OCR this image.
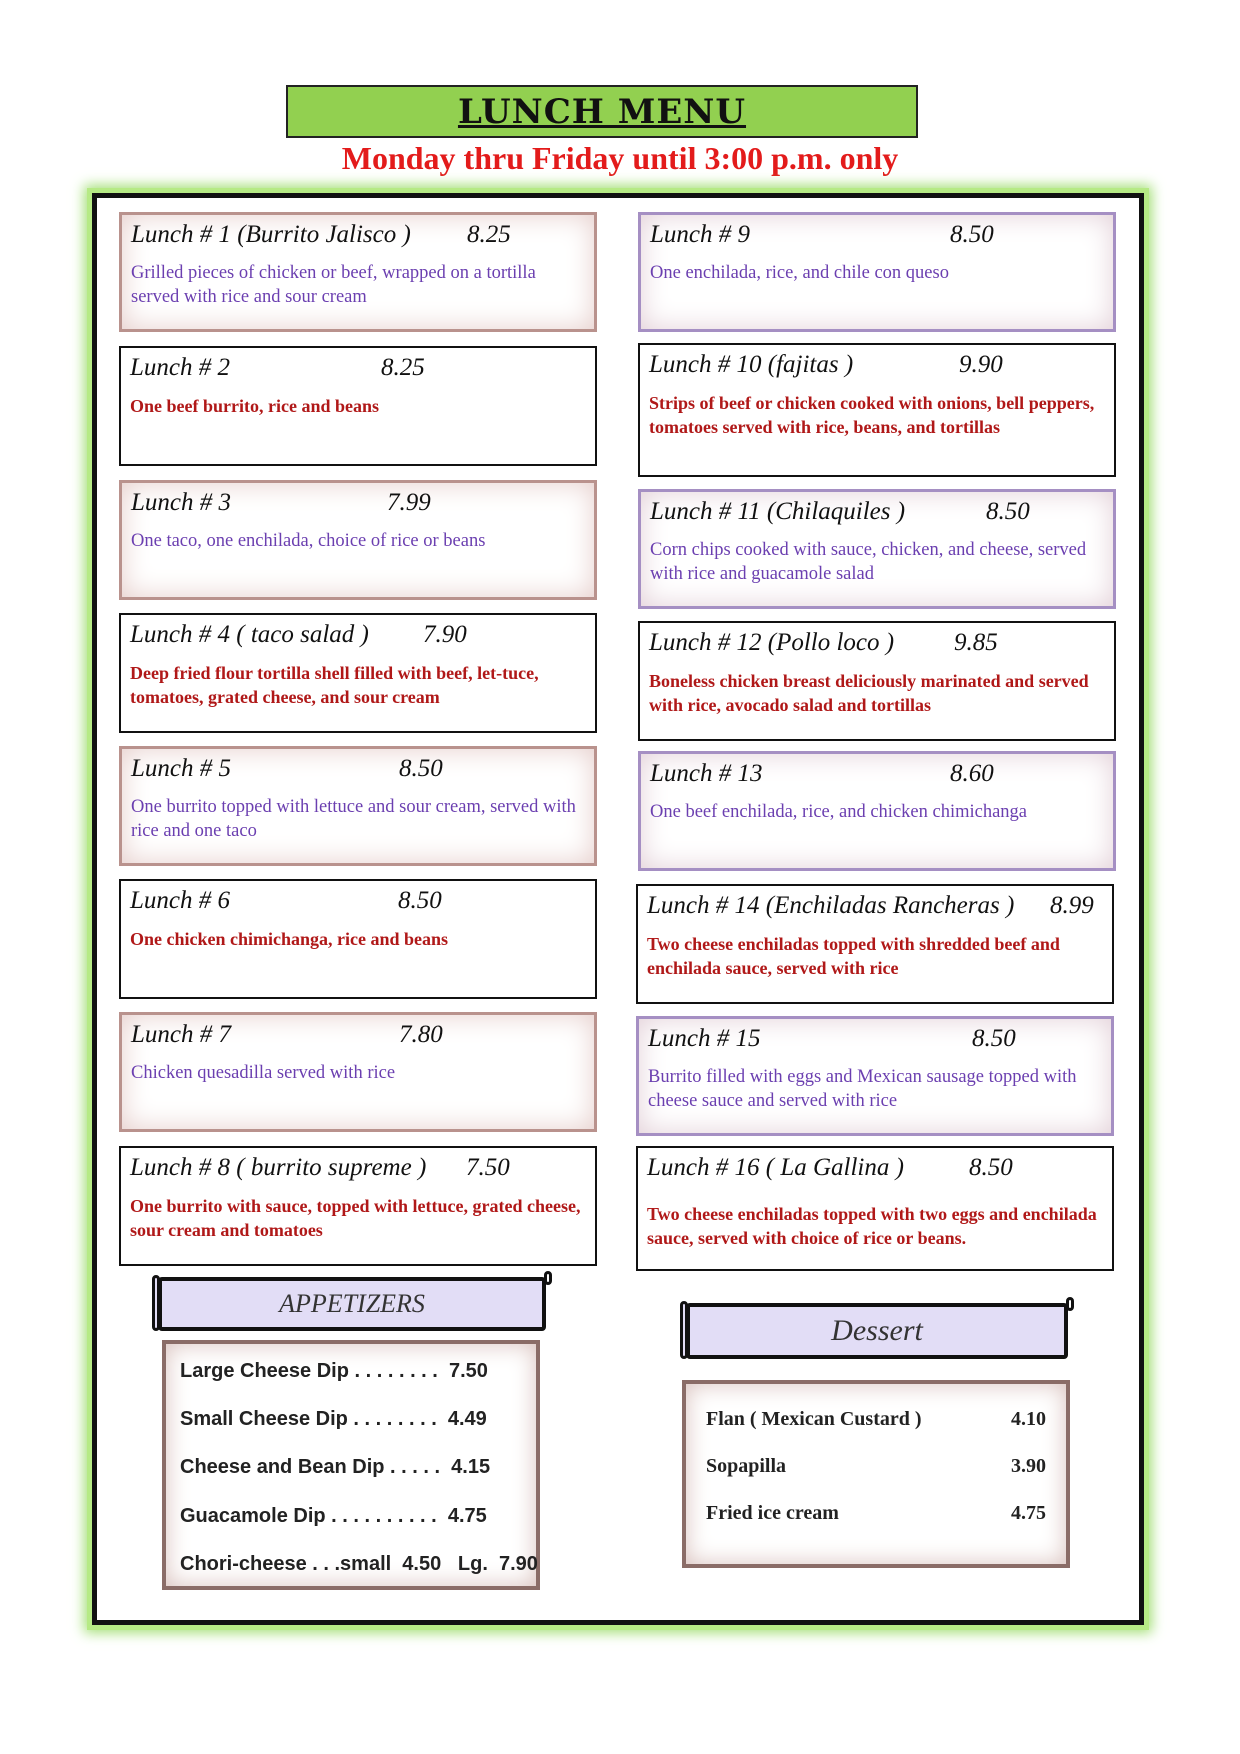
LUNCH MENU
Monday thru Friday until 3:00 p.m. only
Lunch # 1 (Burrito Jalisco ) 8.25
Grilled pieces of chicken or beef, wrapped on a tortilla served with rice and sour cream
Lunch # 2	8.25
One beef burrito, rice and beans
Lunch # 3	7.99
One taco, one enchilada, choice of rice or beans
Lunch # 4 ( taco salad ) 7.90
Deep fried flour tortilla shell filled with beef, let-tuce, tomatoes, grated cheese, and sour cream
Lunch # 5	8.50
One burrito topped with lettuce and sour cream, served with rice and one taco
Lunch # 6	8.50
One chicken chimichanga, rice and beans
Lunch # 7	7.80
Chicken quesadilla served with rice
Lunch # 8 ( burrito supreme ) 7.50
One burrito with sauce, topped with lettuce, grated cheese, sour cream and tomatoes
Lunch # 9	8.50
One enchilada, rice, and chile con queso
Lunch # 10 (fajitas )	9.90
Strips of beef or chicken cooked with onions, bell peppers, tomatoes served with rice, beans, and tortillas
Lunch # 11 (Chilaquiles )	8.50
Corn chips cooked with sauce, chicken, and cheese, served with rice and guacamole salad
Lunch # 12 (Pollo loco ) 9.85
Boneless chicken breast deliciously marinated and served with rice, avocado salad and tortillas
Lunch # 13	8.60
One beef enchilada, rice, and chicken chimichanga
Lunch # 14 (Enchiladas Rancheras ) 8.99
Two cheese enchiladas topped with shredded beef and enchilada sauce, served with rice
Lunch # 15	8.50
Burrito filled with eggs and Mexican sausage topped with cheese sauce and served with rice
Lunch # 16 ( La Gallina )	8.50
Two cheese enchiladas topped with two eggs and enchilada sauce, served with choice of rice or beans.
APPETIZERS
Large Cheese Dip . . . . . . . .  7.50
Small Cheese Dip . . . . . . . .  4.49
Cheese and Bean Dip . . . . .  4.15
Guacamole Dip . . . . . . . . . .  4.75
Chori-cheese . . .small  4.50   Lg.  7.90
Dessert
Flan ( Mexican Custard )	4.10
Sopapilla	3.90
Fried ice cream	4.75
